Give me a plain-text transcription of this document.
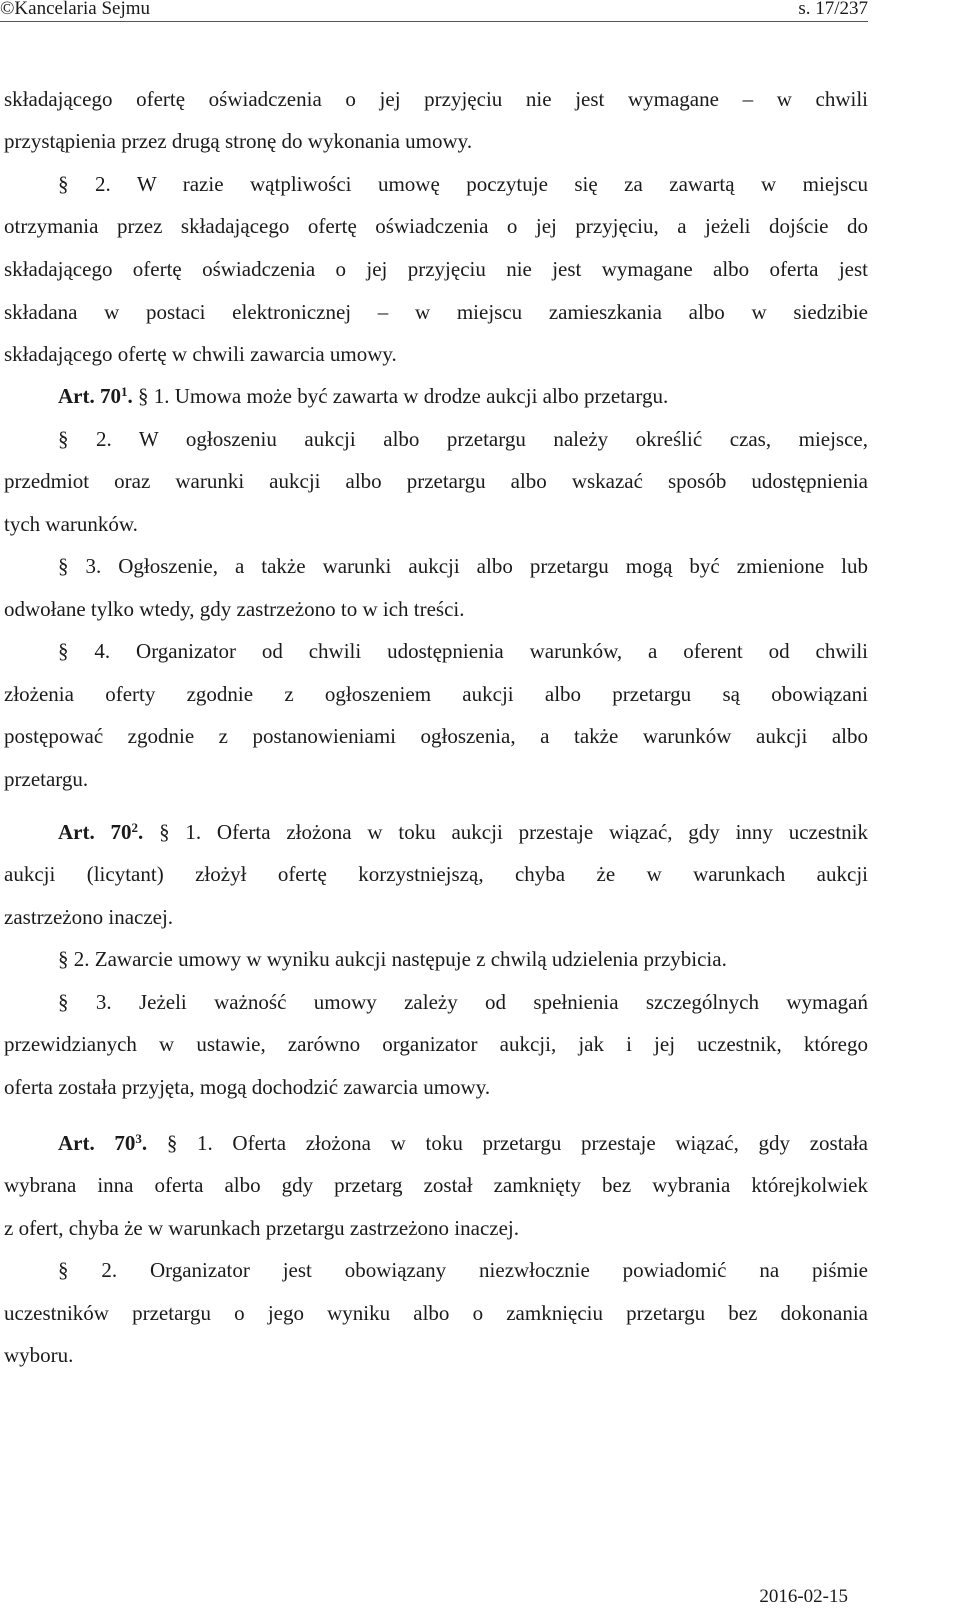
©Kancelaria Sejmu	s. 17/237
składającego ofertę oświadczenia o jej przyjęciu nie jest wymagane – w chwili
przystąpienia przez drugą stronę do wykonania umowy.
§ 2. W razie wątpliwości umowę poczytuje się za zawartą w miejscu
otrzymania przez składającego ofertę oświadczenia o jej przyjęciu, a jeżeli dojście do
składającego ofertę oświadczenia o jej przyjęciu nie jest wymagane albo oferta jest
składana w postaci elektronicznej – w miejscu zamieszkania albo w siedzibie
składającego ofertę w chwili zawarcia umowy.
Art. $70^1$. § 1. Umowa może być zawarta w drodze aukcji albo przetargu.
§ 2. W ogłoszeniu aukcji albo przetargu należy określić czas, miejsce,
przedmiot oraz warunki aukcji albo przetargu albo wskazać sposób udostępnienia
tych warunków.
§ 3. Ogłoszenie, a także warunki aukcji albo przetargu mogą być zmienione lub
odwołane tylko wtedy, gdy zastrzeżono to w ich treści.
§ 4. Organizator od chwili udostępnienia warunków, a oferent od chwili
złożenia oferty zgodnie z ogłoszeniem aukcji albo przetargu są obowiązani
postępować zgodnie z postanowieniami ogłoszenia, a także warunków aukcji albo
przetargu.
Art. $70^2$. § 1. Oferta złożona w toku aukcji przestaje wiązać, gdy inny uczestnik
aukcji (licytant) złożył ofertę korzystniejszą, chyba że w warunkach aukcji
zastrzeżono inaczej.
§ 2. Zawarcie umowy w wyniku aukcji następuje z chwilą udzielenia przybicia.
§ 3. Jeżeli ważność umowy zależy od spełnienia szczególnych wymagań
przewidzianych w ustawie, zarówno organizator aukcji, jak i jej uczestnik, którego
oferta została przyjęta, mogą dochodzić zawarcia umowy.
Art. $70^3$. § 1. Oferta złożona w toku przetargu przestaje wiązać, gdy została
wybrana inna oferta albo gdy przetarg został zamknięty bez wybrania którejkolwiek
z ofert, chyba że w warunkach przetargu zastrzeżono inaczej.
§ 2. Organizator jest obowiązany niezwłocznie powiadomić na piśmie
uczestników przetargu o jego wyniku albo o zamknięciu przetargu bez dokonania
wyboru.
2016-02-15
